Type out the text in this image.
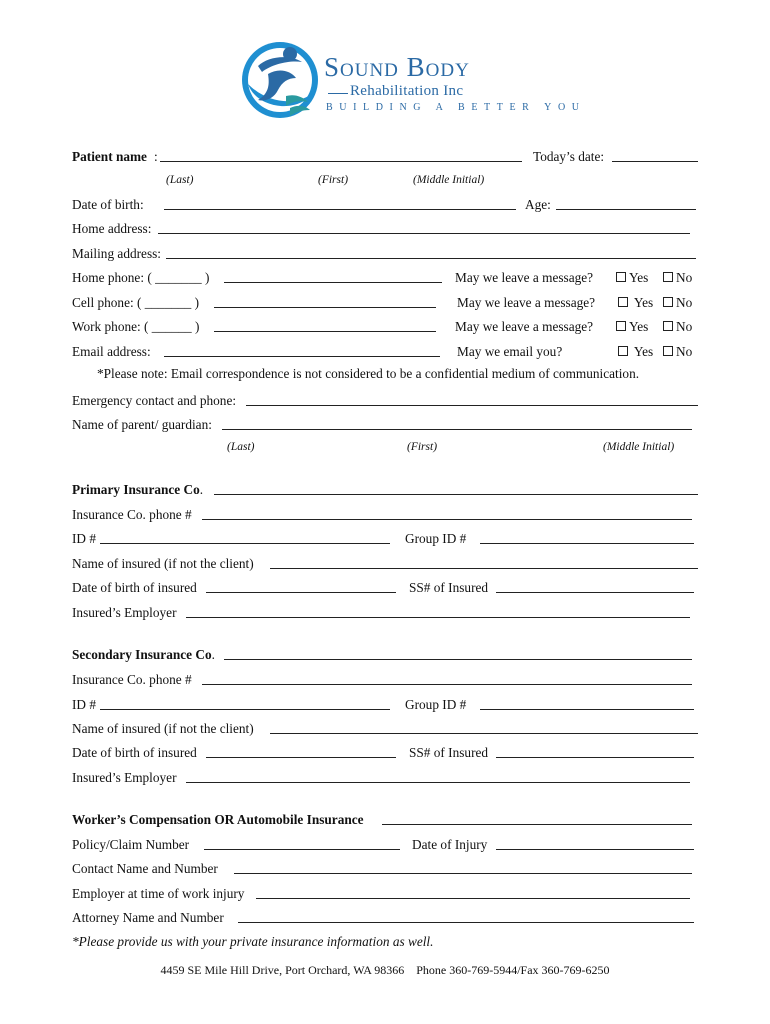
Sound Body
Rehabilitation Inc
BUILDING A BETTER YOU
Patient name :	Today’s date:
(Last)	(First)	(Middle Initial)
Date of birth:	Age:
Home address:
Mailing address:
Home phone: ( _______ )	May we leave a message?	Yes	No
Cell phone: ( _______ )	May we leave a message?	Yes	No
Work phone: ( ______ )	May we leave a message?	Yes	No
Email address:	May we email you?	Yes	No
*Please note: Email correspondence is not considered to be a confidential medium of communication.
Emergency contact and phone:
Name of parent/ guardian:
(Last)	(First)	(Middle Initial)
Primary Insurance Co.
Insurance Co. phone #
ID #	Group ID #
Name of insured (if not the client)
Date of birth of insured	SS# of Insured
Insured’s Employer
Secondary Insurance Co.
Insurance Co. phone #
ID #	Group ID #
Name of insured (if not the client)
Date of birth of insured	SS# of Insured
Insured’s Employer
Worker’s Compensation OR Automobile Insurance
Policy/Claim Number	Date of Injury
Contact Name and Number
Employer at time of work injury
Attorney Name and Number
*Please provide us with your private insurance information as well.
4459 SE Mile Hill Drive, Port Orchard, WA 98366    Phone 360-769-5944/Fax 360-769-6250
